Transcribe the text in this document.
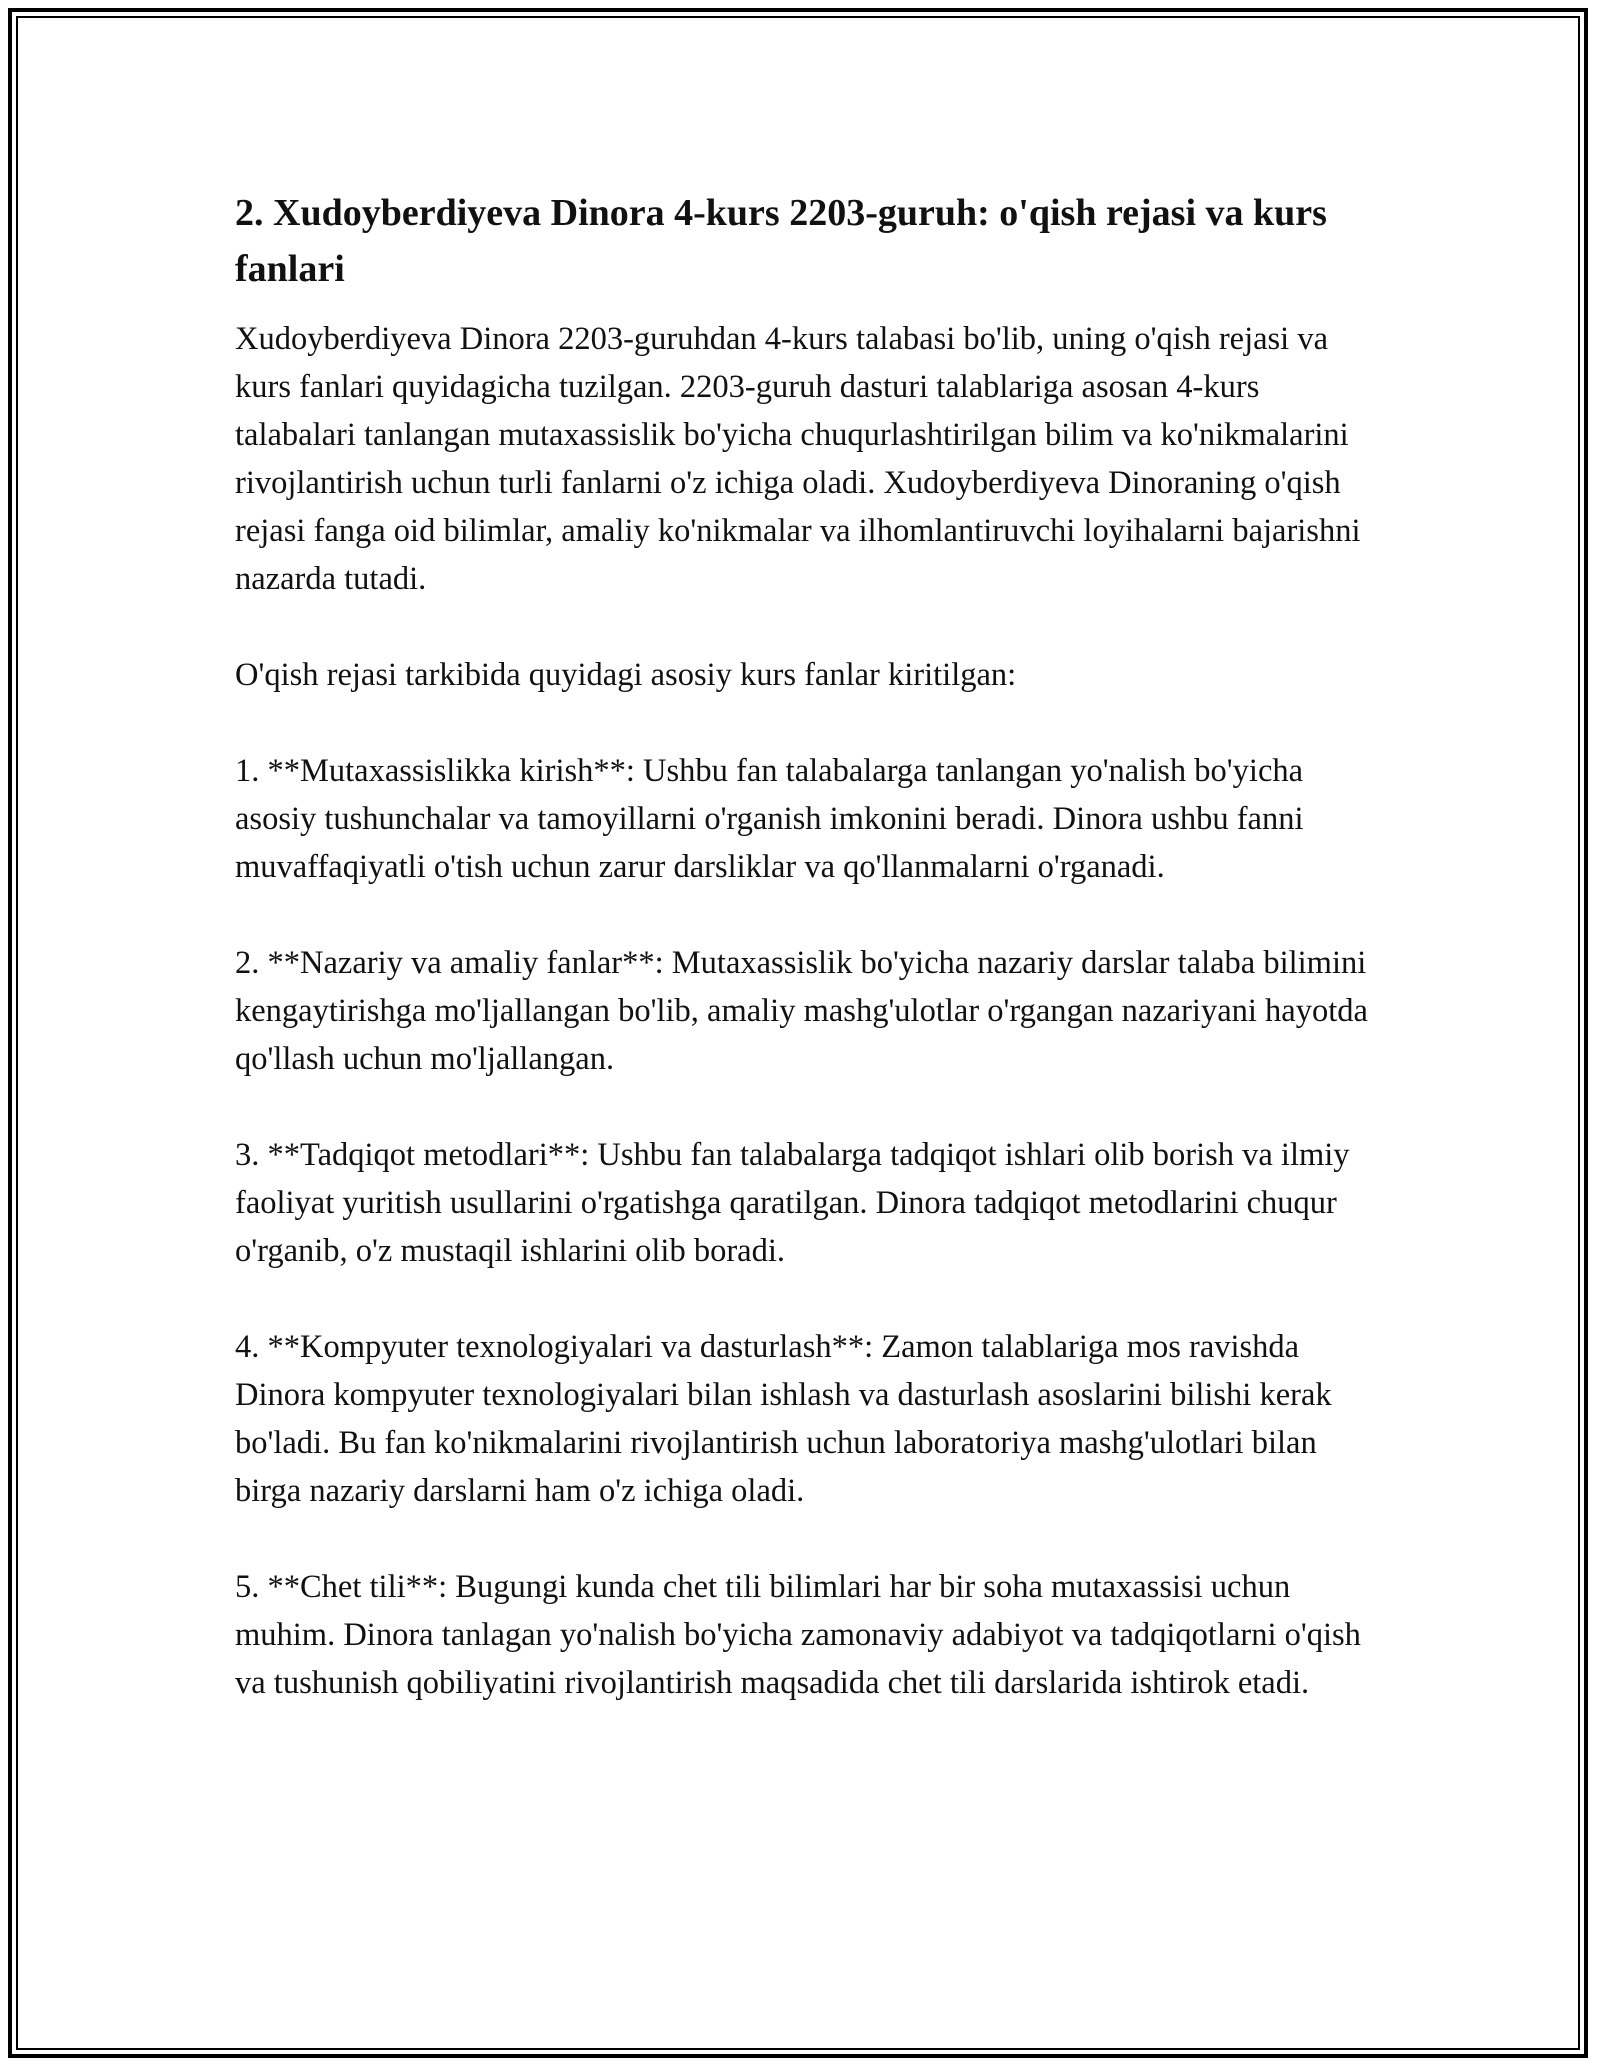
2. Xudoyberdiyeva Dinora 4-kurs 2203-guruh: o'qish rejasi va kurs fanlari

Xudoyberdiyeva Dinora 2203-guruhdan 4-kurs talabasi bo'lib, uning o'qish rejasi va kurs fanlari quyidagicha tuzilgan. 2203-guruh dasturi talablariga asosan 4-kurs talabalari tanlangan mutaxassislik bo'yicha chuqurlashtirilgan bilim va ko'nikmalarini rivojlantirish uchun turli fanlarni o'z ichiga oladi. Xudoyberdiyeva Dinoraning o'qish rejasi fanga oid bilimlar, amaliy ko'nikmalar va ilhomlantiruvchi loyihalarni bajarishni nazarda tutadi.

O'qish rejasi tarkibida quyidagi asosiy kurs fanlar kiritilgan:

1. **Mutaxassislikka kirish**: Ushbu fan talabalarga tanlangan yo'nalish bo'yicha asosiy tushunchalar va tamoyillarni o'rganish imkonini beradi. Dinora ushbu fanni muvaffaqiyatli o'tish uchun zarur darsliklar va qo'llanmalarni o'rganadi.

2. **Nazariy va amaliy fanlar**: Mutaxassislik bo'yicha nazariy darslar talaba bilimini kengaytirishga mo'ljallangan bo'lib, amaliy mashg'ulotlar o'rgangan nazariyani hayotda qo'llash uchun mo'ljallangan.

3. **Tadqiqot metodlari**: Ushbu fan talabalarga tadqiqot ishlari olib borish va ilmiy faoliyat yuritish usullarini o'rgatishga qaratilgan. Dinora tadqiqot metodlarini chuqur o'rganib, o'z mustaqil ishlarini olib boradi.

4. **Kompyuter texnologiyalari va dasturlash**: Zamon talablariga mos ravishda Dinora kompyuter texnologiyalari bilan ishlash va dasturlash asoslarini bilishi kerak bo'ladi. Bu fan ko'nikmalarini rivojlantirish uchun laboratoriya mashg'ulotlari bilan birga nazariy darslarni ham o'z ichiga oladi.

5. **Chet tili**: Bugungi kunda chet tili bilimlari har bir soha mutaxassisi uchun muhim. Dinora tanlagan yo'nalish bo'yicha zamonaviy adabiyot va tadqiqotlarni o'qish va tushunish qobiliyatini rivojlantirish maqsadida chet tili darslarida ishtirok etadi.
